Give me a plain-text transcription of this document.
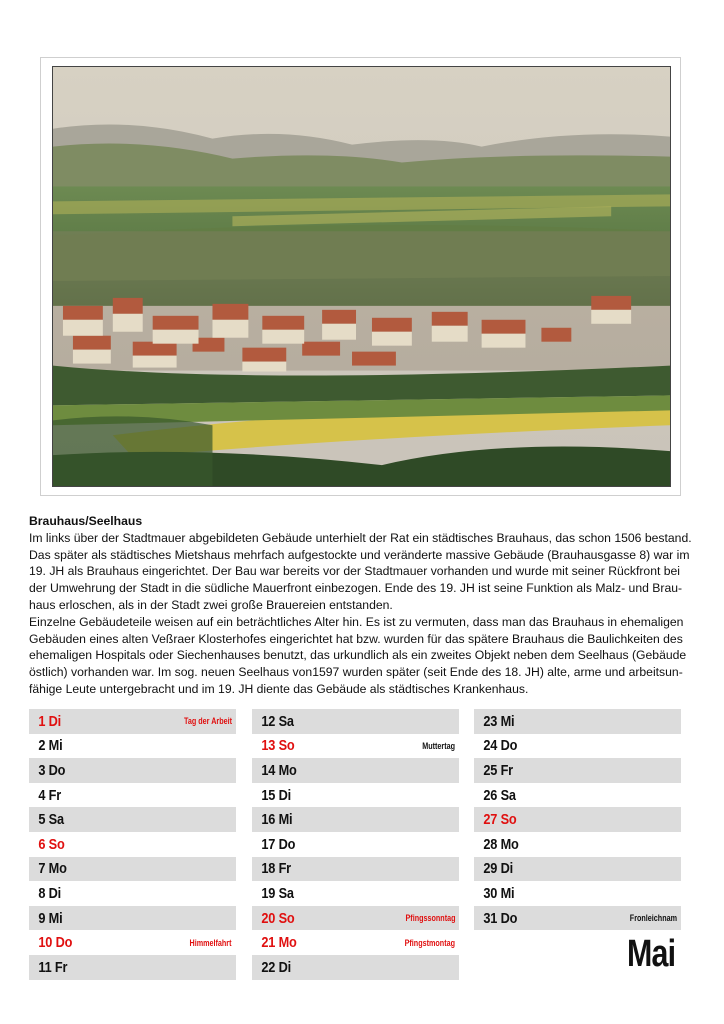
Brauhaus/Seelhaus

Im links über der Stadtmauer abgebildeten Gebäude unterhielt der Rat ein städtisches Brauhaus, das schon 1506 bestand.
Das später als städtisches Mietshaus mehrfach aufgestockte und veränderte massive Gebäude (Brauhausgasse 8) war im
19. JH als Brauhaus eingerichtet. Der Bau war bereits vor der Stadtmauer vorhanden und wurde mit seiner Rückfront bei
der Umwehrung der Stadt in die südliche Mauerfront einbezogen. Ende des 19. JH ist seine Funktion als Malz- und Brau-
haus erloschen, als in der Stadt zwei große Brauereien entstanden.
Einzelne Gebäudeteile weisen auf ein beträchtliches Alter hin. Es ist zu vermuten, dass man das Brauhaus in ehemaligen
Gebäuden eines alten Veßraer Klosterhofes eingerichtet hat bzw. wurden für das spätere Brauhaus die Baulichkeiten des
ehemaligen Hospitals oder Siechenhauses benutzt, das urkundlich als ein zweites Objekt neben dem Seelhaus (Gebäude
östlich) vorhanden war. Im sog. neuen Seelhaus von1597 wurden später (seit Ende des 18. JH) alte, arme und arbeitsun-
fähige Leute untergebracht und im 19. JH diente das Gebäude als städtisches Krankenhaus.

1 Di	Tag der Arbeit
2 Mi
3 Do
4 Fr
5 Sa
6 So
7 Mo
8 Di
9 Mi
10 Do	Himmelfahrt
11 Fr
12 Sa
13 So	Muttertag
14 Mo
15 Di
16 Mi
17 Do
18 Fr
19 Sa
20 So	Pfingssonntag
21 Mo	Pfingstmontag
22 Di
23 Mi
24 Do
25 Fr
26 Sa
27 So
28 Mo
29 Di
30 Mi
31 Do	Fronleichnam
Mai
